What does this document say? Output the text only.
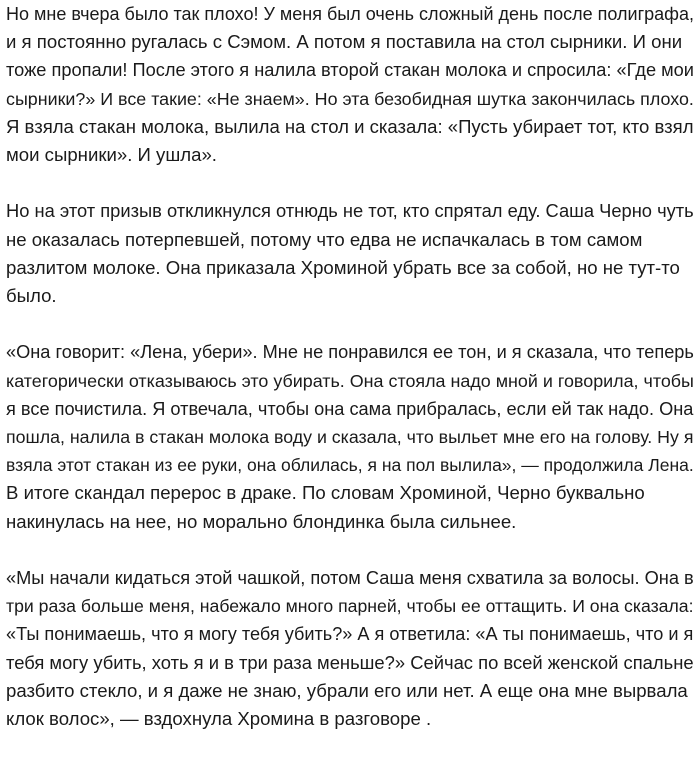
Но мне вчера было так плохо! У меня был очень сложный день после полиграфа,
и я постоянно ругалась с Сэмом. А потом я поставила на стол сырники. И они
тоже пропали! После этого я налила второй стакан молока и спросила: «Где мои
сырники?» И все такие: «Не знаем». Но эта безобидная шутка закончилась плохо.
Я взяла стакан молока, вылила на стол и сказала: «Пусть убирает тот, кто взял
мои сырники». И ушла».
Но на этот призыв откликнулся отнюдь не тот, кто спрятал еду. Саша Черно чуть
не оказалась потерпевшей, потому что едва не испачкалась в том самом
разлитом молоке. Она приказала Хроминой убрать все за собой, но не тут-то
было.
«Она говорит: «Лена, убери». Мне не понравился ее тон, и я сказала, что теперь
категорически отказываюсь это убирать. Она стояла надо мной и говорила, чтобы
я все почистила. Я отвечала, чтобы она сама прибралась, если ей так надо. Она
пошла, налила в стакан молока воду и сказала, что выльет мне его на голову. Ну я
взяла этот стакан из ее руки, она облилась, я на пол вылила», — продолжила Лена.
В итоге скандал перерос в драке. По словам Хроминой, Черно буквально
накинулась на нее, но морально блондинка была сильнее.
«Мы начали кидаться этой чашкой, потом Саша меня схватила за волосы. Она в
три раза больше меня, набежало много парней, чтобы ее оттащить. И она сказала:
«Ты понимаешь, что я могу тебя убить?» А я ответила: «А ты понимаешь, что и я
тебя могу убить, хоть я и в три раза меньше?» Сейчас по всей женской спальне
разбито стекло, и я даже не знаю, убрали его или нет. А еще она мне вырвала
клок волос», — вздохнула Хромина в разговоре .
